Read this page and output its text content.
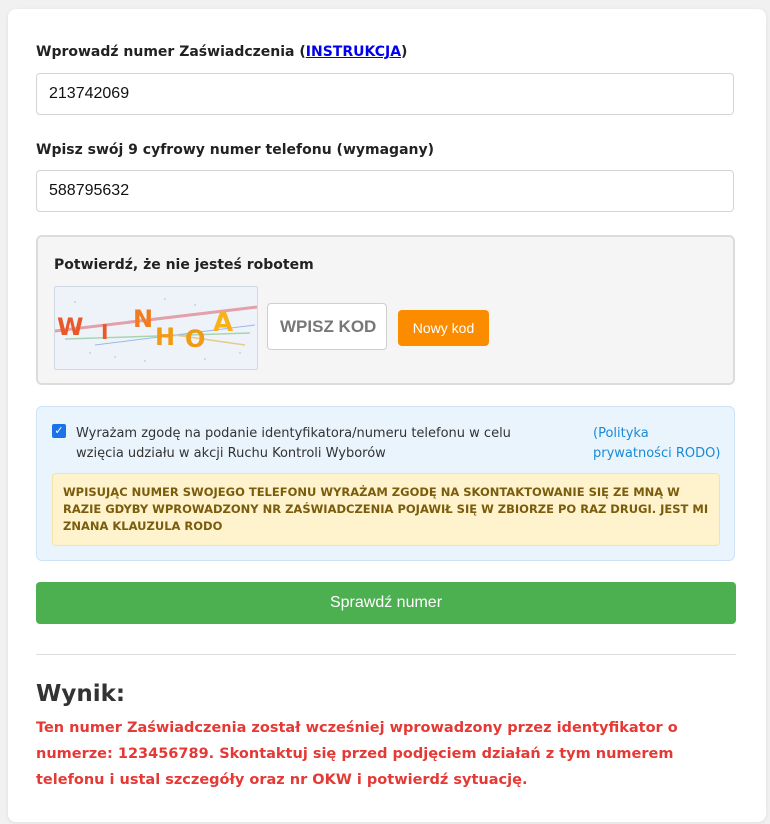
Wprowadź numer Zaświadczenia (INSTRUKCJA)
213742069
Wpisz swój 9 cyfrowy numer telefonu (wymagany)
588795632
Potwierdź, że nie jesteś robotem
W I N
H O
A	WPISZ KOD	Nowy kod
✓ Wyrażam zgodę na podanie identyfikatora/numeru telefonu w celu wzięcia udziału w akcji Ruchu Kontroli Wyborów
(Polityka prywatności RODO)
WPISUJĄC NUMER SWOJEGO TELEFONU WYRAŻAM ZGODĘ NA SKONTAKTOWANIE SIĘ ZE MNĄ W RAZIE GDYBY WPROWADZONY NR ZAŚWIADCZENIA POJAWIŁ SIĘ W ZBIORZE PO RAZ DRUGI. JEST MI ZNANA KLAUZULA RODO
Sprawdź numer
Wynik:
Ten numer Zaświadczenia został wcześniej wprowadzony przez identyfikator o numerze: 123456789. Skontaktuj się przed podjęciem działań z tym numerem telefonu i ustal szczegóły oraz nr OKW i potwierdź sytuację.
